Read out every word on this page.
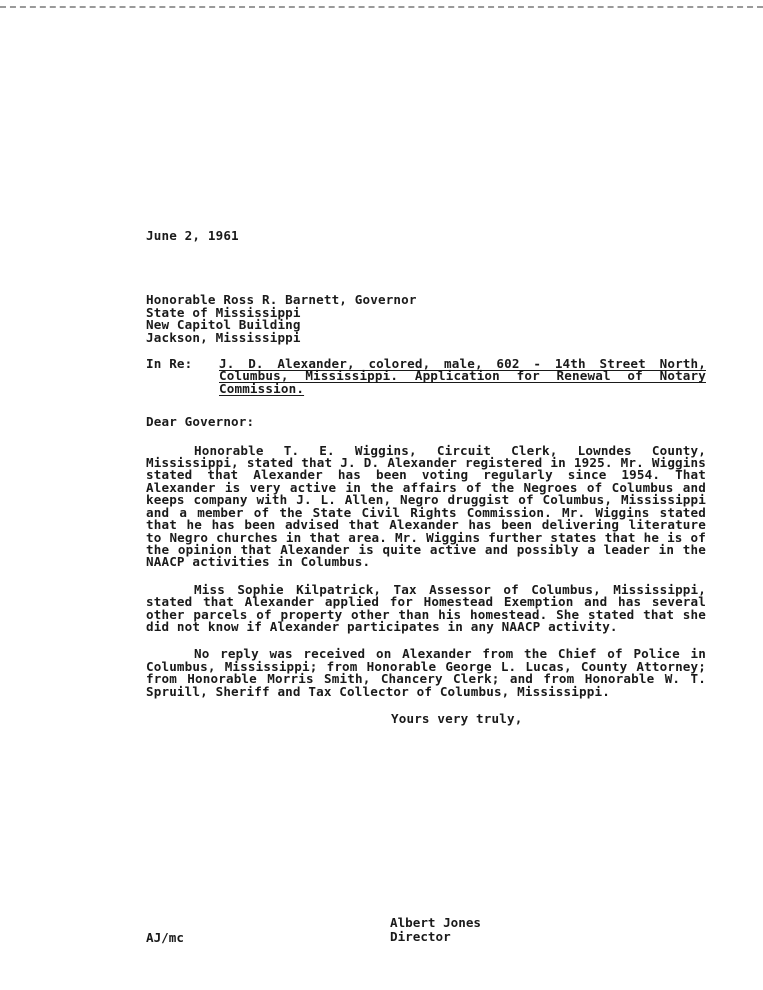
June 2, 1961
Honorable Ross R. Barnett, Governor
State of Mississippi
New Capitol Building
Jackson, Mississippi
In Re:	J. D. Alexander, colored, male, 602 - 14th Street North, Columbus, Mississippi. Application for Renewal of Notary Commission.
Dear Governor:

Honorable T. E. Wiggins, Circuit Clerk, Lowndes County, Mississippi, stated that J. D. Alexander registered in 1925. Mr. Wiggins stated that Alexander has been voting regularly since 1954. That Alexander is very active in the affairs of the Negroes of Columbus and keeps company with J. L. Allen, Negro druggist of Columbus, Mississippi and a member of the State Civil Rights Commission. Mr. Wiggins stated that he has been advised that Alexander has been delivering literature to Negro churches in that area. Mr. Wiggins further states that he is of the opinion that Alexander is quite active and possibly a leader in the NAACP activities in Columbus.

Miss Sophie Kilpatrick, Tax Assessor of Columbus, Mississippi, stated that Alexander applied for Homestead Exemption and has several other parcels of property other than his homestead. She stated that she did not know if Alexander participates in any NAACP activity.

No reply was received on Alexander from the Chief of Police in Columbus, Mississippi; from Honorable George L. Lucas, County Attorney; from Honorable Morris Smith, Chancery Clerk; and from Honorable W. T. Spruill, Sheriff and Tax Collector of Columbus, Mississippi.

Yours very truly,
Albert Jones
Director
AJ/mc
